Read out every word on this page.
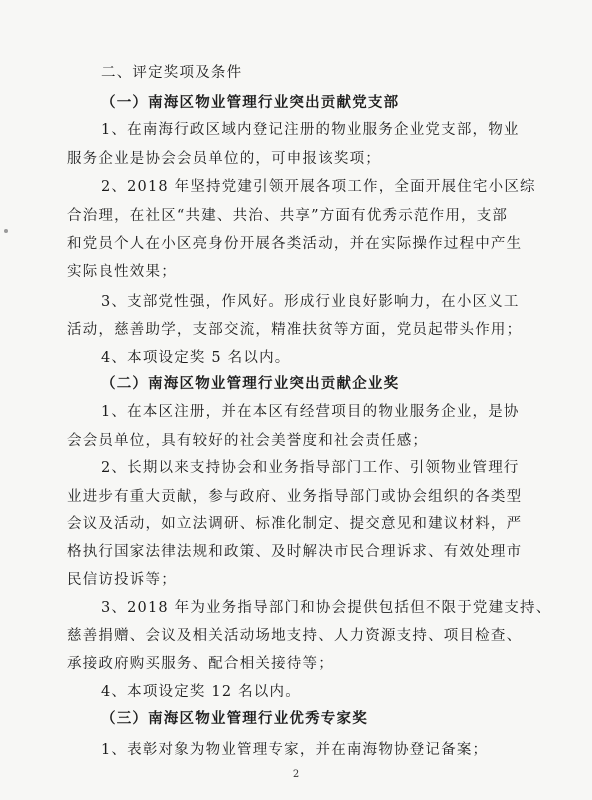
二、评定奖项及条件
（一）南海区物业管理行业突出贡献党支部
1、在南海行政区域内登记注册的物业服务企业党支部，物业
服务企业是协会会员单位的，可申报该奖项；
2、2018 年坚持党建引领开展各项工作，全面开展住宅小区综
合治理，在社区“共建、共治、共享”方面有优秀示范作用，支部
和党员个人在小区亮身份开展各类活动，并在实际操作过程中产生
实际良性效果；
3、支部党性强，作风好。形成行业良好影响力，在小区义工
活动，慈善助学，支部交流，精准扶贫等方面，党员起带头作用；
4、本项设定奖 5 名以内。
（二）南海区物业管理行业突出贡献企业奖
1、在本区注册，并在本区有经营项目的物业服务企业，是协
会会员单位，具有较好的社会美誉度和社会责任感；
2、长期以来支持协会和业务指导部门工作、引领物业管理行
业进步有重大贡献，参与政府、业务指导部门或协会组织的各类型
会议及活动，如立法调研、标准化制定、提交意见和建议材料，严
格执行国家法律法规和政策、及时解决市民合理诉求、有效处理市
民信访投诉等；
3、2018 年为业务指导部门和协会提供包括但不限于党建支持、
慈善捐赠、会议及相关活动场地支持、人力资源支持、项目检查、
承接政府购买服务、配合相关接待等；
4、本项设定奖 12 名以内。
（三）南海区物业管理行业优秀专家奖
1、表彰对象为物业管理专家，并在南海物协登记备案；
2
